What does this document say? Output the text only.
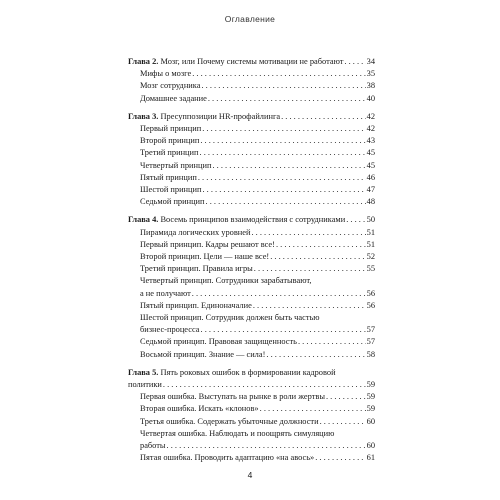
Оглавление
Глава 2. Мозг, или Почему системы мотивации не работают . . .	34
Мифы о мозге . . .	35
Мозг сотрудника . . .	38
Домашнее задание . . .	40
Глава 3. Пресуппозиции HR-профайлинга . . .	42
Первый принцип . . .	42
Второй принцип . . .	43
Третий принцип . . .	45
Четвертый принцип . . .	45
Пятый принцип . . .	46
Шестой принцип . . .	47
Седьмой принцип . . .	48
Глава 4. Восемь принципов взаимодействия с сотрудниками . . .	50
Пирамида логических уровней . . .	51
Первый принцип. Кадры решают все! . . .	51
Второй принцип. Цели — наше все! . . .	52
Третий принцип. Правила игры . . .	55
Четвертый принцип. Сотрудники зарабатывают,
а не получают . . .	56
Пятый принцип. Единоначалие . . .	56
Шестой принцип. Сотрудник должен быть частью
бизнес-процесса . . .	57
Седьмой принцип. Правовая защищенность . . .	57
Восьмой принцип. Знание — сила! . . .	58
Глава 5. Пять роковых ошибок в формировании кадровой
политики . . .	59
Первая ошибка. Выступать на рынке в роли жертвы . . .	59
Вторая ошибка. Искать «клонов» . . .	59
Третья ошибка. Содержать убыточные должности . . .	60
Четвертая ошибка. Наблюдать и поощрять симуляцию
работы . . .	60
Пятая ошибка. Проводить адаптацию «на авось» . . .	61
4
